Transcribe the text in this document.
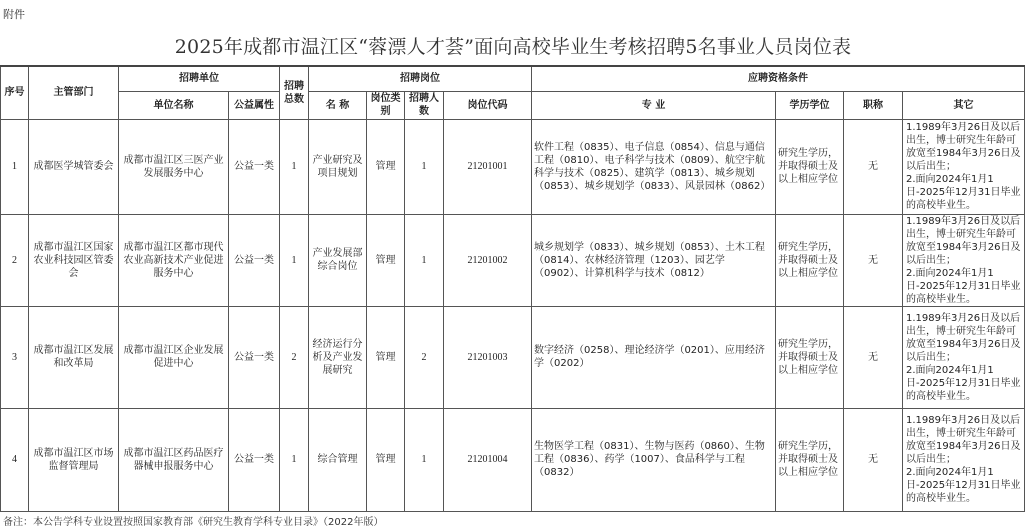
附件
2025年成都市温江区“蓉漂人才荟”面向高校毕业生考核招聘5名事业人员岗位表
序号	主管部门	招聘单位		招聘总数	招聘岗位				应聘资格条件			
		单位名称	公益属性		名 称	岗位类别	招聘人数	岗位代码	专 业	学历学位	职称	其它
1	成都医学城管委会	成都市温江区三医产业发展服务中心	公益一类	1	产业研究及项目规划	管理	1	21201001	软件工程（0835）、电子信息（0854）、信息与通信工程（0810）、电子科学与技术（0809）、航空宇航科学与技术（0825）、建筑学（0813）、城乡规划（0853）、城乡规划学（0833）、风景园林（0862）	研究生学历，并取得硕士及以上相应学位	无	1.1989年3月26日及以后出生，博士研究生年龄可放宽至1984年3月26日及以后出生；

2.面向2024年1月1日-2025年12月31日毕业的高校毕业生。

2	成都市温江区国家农业科技园区管委会	成都市温江区都市现代农业高新技术产业促进服务中心	公益一类	1	产业发展部综合岗位	管理	1	21201002	城乡规划学（0833）、城乡规划（0853）、土木工程（0814）、农林经济管理（1203）、园艺学（0902）、计算机科学与技术（0812）	研究生学历，并取得硕士及以上相应学位	无	1.1989年3月26日及以后出生，博士研究生年龄可放宽至1984年3月26日及以后出生；

2.面向2024年1月1日-2025年12月31日毕业的高校毕业生。

3	成都市温江区发展和改革局	成都市温江区企业发展促进中心	公益一类	2	经济运行分析及产业发展研究	管理	2	21201003	数字经济（0258）、理论经济学（0201）、应用经济学（0202）	研究生学历，并取得硕士及以上相应学位	无	1.1989年3月26日及以后出生，博士研究生年龄可放宽至1984年3月26日及以后出生；

2.面向2024年1月1日-2025年12月31日毕业的高校毕业生。

4	成都市温江区市场监督管理局	成都市温江区药品医疗器械申报服务中心	公益一类	1	综合管理	管理	1	21201004	生物医学工程（0831）、生物与医药（0860）、生物工程（0836）、药学（1007）、食品科学与工程（0832）	研究生学历，并取得硕士及以上相应学位	无	1.1989年3月26日及以后出生，博士研究生年龄可放宽至1984年3月26日及以后出生；

2.面向2024年1月1日-2025年12月31日毕业的高校毕业生。

备注：本公告学科专业设置按照国家教育部《研究生教育学科专业目录》（2022年版）
